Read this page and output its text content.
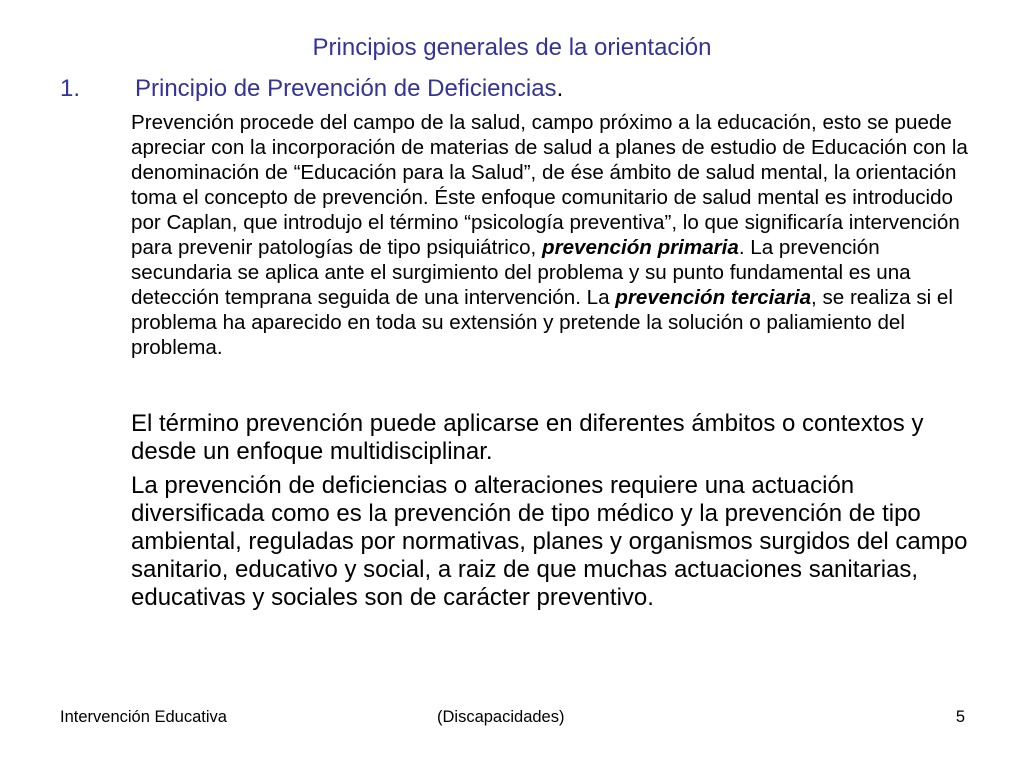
Principios generales de la orientación
1. Principio de Prevención de Deficiencias.

Prevención procede del campo de la salud, campo próximo a la educación, esto se puede apreciar con la incorporación de materias de salud a planes de estudio de Educación con la denominación de “Educación para la Salud”, de ése ámbito de salud mental, la orientación toma el concepto de prevención. Éste enfoque comunitario de salud mental es introducido por Caplan, que introdujo el término “psicología preventiva”, lo que significaría intervención para prevenir patologías de tipo psiquiátrico, prevención primaria. La prevención secundaria se aplica ante el surgimiento del problema y su punto fundamental es una detección temprana seguida de una intervención. La prevención terciaria, se realiza si el problema ha aparecido en toda su extensión y pretende la solución o paliamiento del problema.

El término prevención puede aplicarse en diferentes ámbitos o contextos y desde un enfoque multidisciplinar.

La prevención de deficiencias o alteraciones requiere una actuación diversificada como es la prevención de tipo médico y la prevención de tipo ambiental, reguladas por normativas, planes y organismos surgidos del campo sanitario, educativo y social, a raiz de que muchas actuaciones sanitarias, educativas y sociales son de carácter preventivo.

Intervención Educativa	(Discapacidades)	5
